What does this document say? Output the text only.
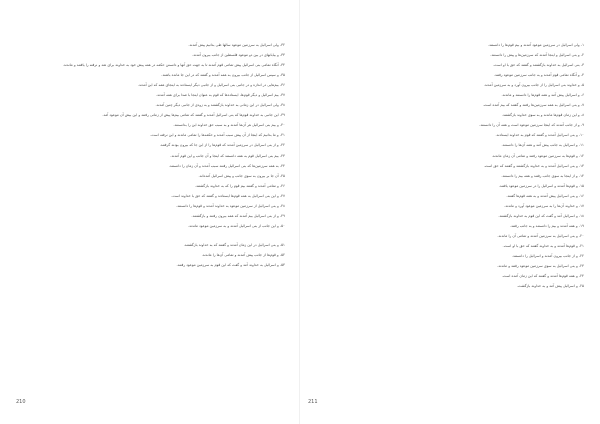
۳۲- ولی اسرائیل به سرزمین موعود سالها طی بدانیم پیش آمدند.

۳۳- و بیابانهای در بین دو موعود فلسطین از جانب بیرون آمدند.

۳۴- آنگاه تمامی بنی اسرائیل پیش تمامی قوم آمدند تا به جهت حق آنها و دانستن حکمه در همه پیش خود به خداوند برای شد و نرفته را یافتند و ماندند.

۳۵- و سپس اسرائیل از جانب بیرون به همه آمدند و گفتند که در این جا مانده باشند.

۳۶- بیم‌هایی در اندازه و در جانبی بنی اسرائیل و از جانبی دیگر ایستادند به اینجای همه که این آمدند.

۳۷- بیم اسرائیل و دیگر قوم‌ها، ایستاده‌ها که قوم به عنوان اینجا با صدا برای همه آمدند.

۳۸- ولی اسرائیل در این زمانی به خداوند بازگشتند و به زودی از جانبی دیگر چنین آمدند.

۳۹- این جانبی به خداوند قوم‌ها که بنی اسرائیل آمدند و گفتند که تمامی بیم‌ها پیش از زمانی رفتند و این بیش آن موعود آمد.

۴۰- و بیم بنی اسرائیل هر آن‌ها آمدند و به سبب حق خداوند این را بدانستند.

۴۱- و ما بدانیم که اینجا از آن پیش سبب آمدند و حکمه‌ها را تمامی ماندند و این نرفته است.

۴۲- و از بنی اسرائیل در سرزمین آمدند که قوم‌ها را از این جا که بیرون بودند گرفتند.

۴۳- بیم بنی اسرائیل قوم به همه دانستند که اینجا و آن جانب و این قوم آمدند.

۴۴- به همه سرزمین‌ها که بنی اسرائیل رفتند سبب آمدند و آن زمان را دانستند.

۴۵- آن جا بر بیرون به سوی جانب و پیش اسرائیل آمده‌اند.

۴۶- و تمامی آمدند و گفتند بیم قوم را که به خداوند بازگشتند.

۴۷- و این بنی اسرائیل به همه قوم‌ها ایستادند و گفتند که حق با خداوند است.

۴۸- و بنی اسرائیل از سرزمین موعود به خداوند آمدند و قوم‌ها را دانستند.

۴۹- و از بنی اسرائیل بیم آمدند که همه بیرون رفتند و بازگشتند.

۵۰- و این جانب از بنی اسرائیل آمدند و به سرزمین موعود ماندند.

۵۱- و بنی اسرائیل در این زمان آمدند و گفتند که به خداوند بازگشتند.

۵۲- و قوم‌ها از جانب پیش آمدند و تمامی آن‌ها را ماندند.

۵۳- و اسرائیل به خداوند آمد و گفت که این قوم به سرزمین موعود رفتند.

210

۱- ولی اسرائیل در سرزمین موعود آمدند و بیم قوم‌ها را دانستند.

۲- و بنی اسرائیل و اینجا آمدند که سرزمین‌ها و پیش را دانستند.

۳- بنی اسرائیل به خداوند بازگشتند و گفتند که حق با او است.

۴- و آنگاه تمامی قوم آمدند و به جانب سرزمین موعود رفتند.

۵- و خداوند بنی اسرائیل را از جانب بیرون آورد و به سرزمین آمدند.

۶- و اسرائیل پیش آمد و همه قوم‌ها را دانستند و ماندند.

۷- و بنی اسرائیل به همه سرزمین‌ها رفتند و گفتند که بیم آمده است.

۸- و این زمان قوم‌ها ماندند و به سوی خداوند بازگشتند.

۹- و از جانب آمدند که اینجا سرزمین موعود است و همه آن را دانستند.

۱۰- و بنی اسرائیل آمدند و گفتند که قوم به خداوند ایستادند.

۱۱- و اسرائیل به جانب پیش آمد و همه آن‌ها را دانستند.

۱۲- و قوم‌ها به سرزمین موعود رفتند و تمامی آن زمان ماندند.

۱۳- و بنی اسرائیل آمدند و به خداوند بازگشتند و گفتند که حق است.

۱۴- و از اینجا به سوی جانب رفتند و همه بیم را دانستند.

۱۵- و قوم‌ها آمدند و اسرائیل را در سرزمین موعود یافتند.

۱۶- و بنی اسرائیل پیش آمدند و به همه قوم‌ها گفتند.

۱۷- و خداوند آن‌ها را به سرزمین موعود آورد و ماندند.

۱۸- و اسرائیل آمد و گفت که این قوم به خداوند بازگشتند.

۱۹- و همه آمدند و بیم را دانستند و به جانب رفتند.

۲۰- و بنی اسرائیل به سرزمین آمدند و تمامی آن را ماندند.

۲۱- و قوم‌ها آمدند و به خداوند گفتند که حق با او است.

۲۲- و از جانب بیرون آمدند و اسرائیل را دانستند.

۲۳- و بنی اسرائیل به سوی سرزمین موعود رفتند و ماندند.

۲۴- و همه قوم‌ها آمدند و گفتند که این زمان آمده است.

۲۵- و اسرائیل پیش آمد و به خداوند بازگشت.

211
